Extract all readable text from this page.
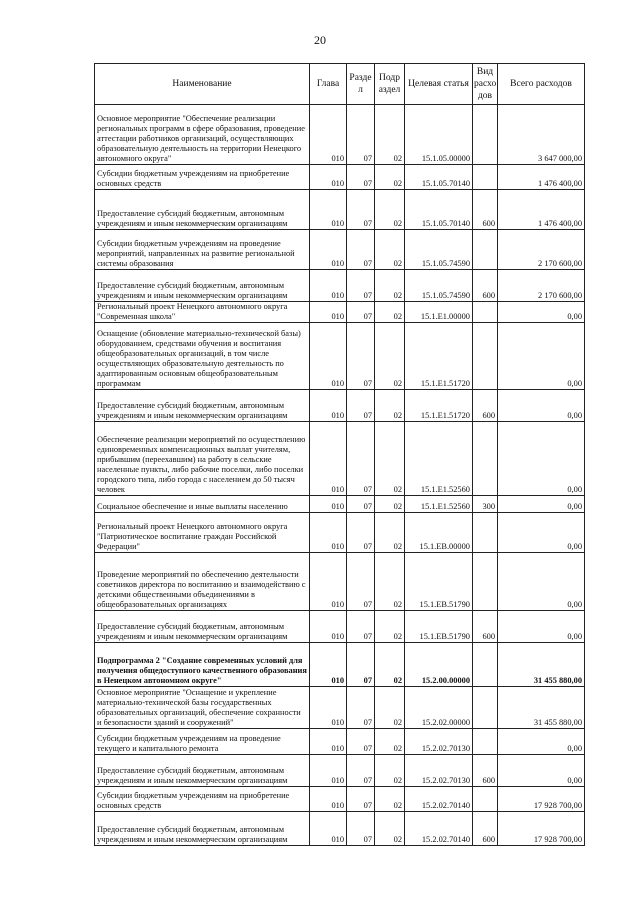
20
Наименование	Глава	Разде л	Подр аздел	Целевая статья	Вид расхо дов	Всего расходов
Основное мероприятие "Обеспечение реализации региональных программ в сфере образования, проведение аттестации работников организаций, осуществляющих образовательную деятельность на территории Ненецкого автономного округа"	010	07	02	15.1.05.00000		3 647 000,00
Субсидии бюджетным учреждениям на приобретение основных средств	010	07	02	15.1.05.70140		1 476 400,00
Предоставление субсидий бюджетным, автономным учреждениям и иным некоммерческим организациям	010	07	02	15.1.05.70140	600	1 476 400,00
Субсидии бюджетным учреждениям на проведение мероприятий, направленных на развитие региональной системы образования	010	07	02	15.1.05.74590		2 170 600,00
Предоставление субсидий бюджетным, автономным учреждениям и иным некоммерческим организациям	010	07	02	15.1.05.74590	600	2 170 600,00
Региональный проект Ненецкого автономного округа "Современная школа"	010	07	02	15.1.E1.00000		0,00
Оснащение (обновление материально-технической базы) оборудованием, средствами обучения и воспитания общеобразовательных организаций, в том числе осуществляющих образовательную деятельность по адаптированным основным общеобразовательным программам	010	07	02	15.1.E1.51720		0,00
Предоставление субсидий бюджетным, автономным учреждениям и иным некоммерческим организациям	010	07	02	15.1.E1.51720	600	0,00
Обеспечение реализации мероприятий по осуществлению единовременных компенсационных выплат учителям, прибывшим (переехавшим) на работу в сельские населенные пункты, либо рабочие поселки, либо поселки городского типа, либо города с населением до 50 тысяч человек	010	07	02	15.1.E1.52560		0,00
Социальное обеспечение и иные выплаты населению	010	07	02	15.1.E1.52560	300	0,00
Региональный проект Ненецкого автономного округа "Патриотическое воспитание граждан Российской Федерации"	010	07	02	15.1.EB.00000		0,00
Проведение мероприятий по обеспечению деятельности советников директора по воспитанию и взаимодействию с детскими общественными объединениями в общеобразовательных организациях	010	07	02	15.1.EB.51790		0,00
Предоставление субсидий бюджетным, автономным учреждениям и иным некоммерческим организациям	010	07	02	15.1.EB.51790	600	0,00
Подпрограмма 2 "Создание современных условий для получения общедоступного качественного образования в Ненецком автономном округе"	010	07	02	15.2.00.00000		31 455 880,00
Основное мероприятие "Оснащение и укрепление материально-технической базы государственных образовательных организаций, обеспечение сохранности и безопасности зданий и сооружений"	010	07	02	15.2.02.00000		31 455 880,00
Субсидии бюджетным учреждениям на проведение текущего и капитального ремонта	010	07	02	15.2.02.70130		0,00
Предоставление субсидий бюджетным, автономным учреждениям и иным некоммерческим организациям	010	07	02	15.2.02.70130	600	0,00
Субсидии бюджетным учреждениям на приобретение основных средств	010	07	02	15.2.02.70140		17 928 700,00
Предоставление субсидий бюджетным, автономным учреждениям и иным некоммерческим организациям	010	07	02	15.2.02.70140	600	17 928 700,00
